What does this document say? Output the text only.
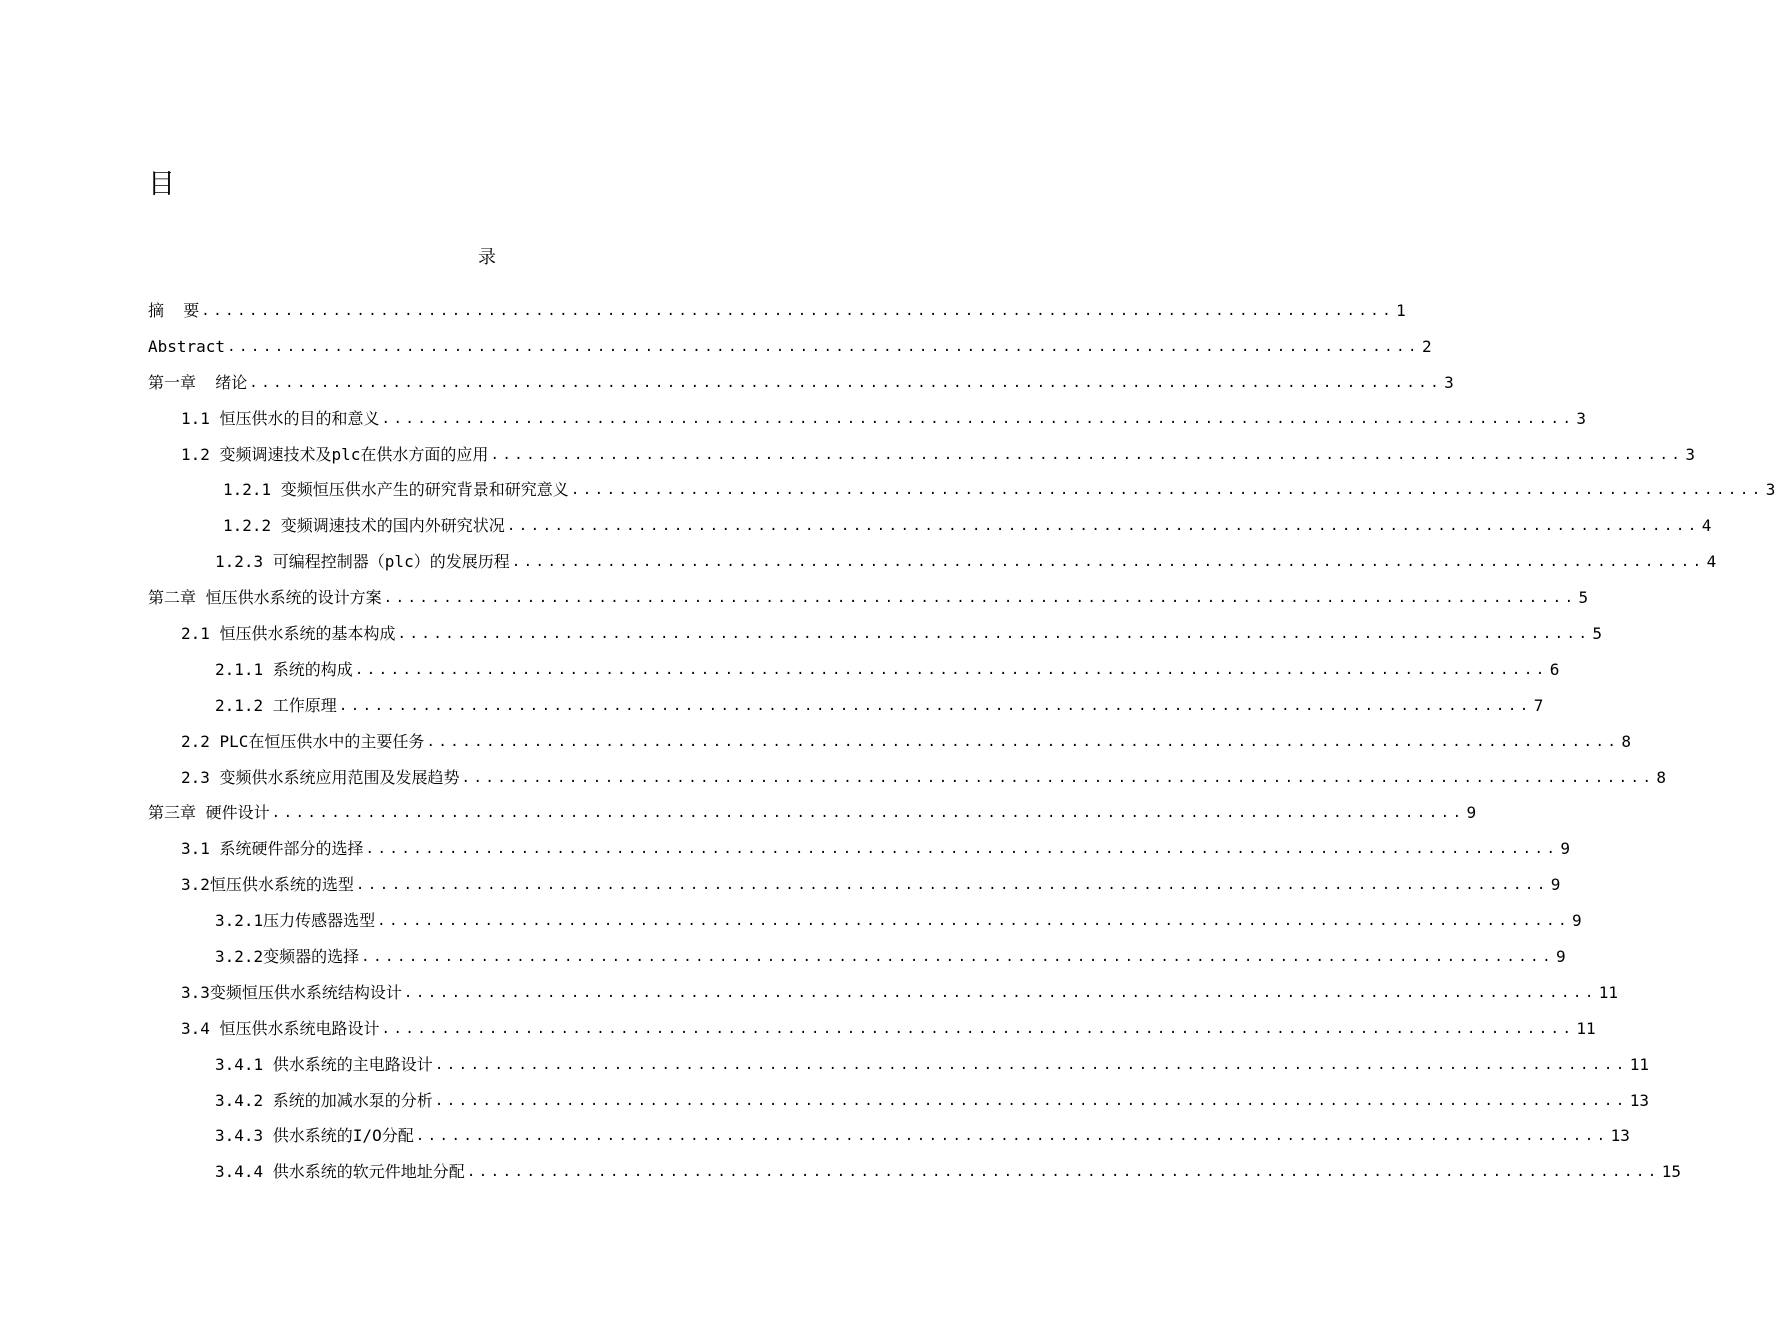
目
录
摘  要 .................................................................................................... 1
Abstract .................................................................................................... 2
第一章  绪论 .................................................................................................... 3
1.1 恒压供水的目的和意义 .................................................................................................... 3
1.2 变频调速技术及plc在供水方面的应用 .................................................................................................... 3
1.2.1 变频恒压供水产生的研究背景和研究意义 .................................................................................................... 3
1.2.2 变频调速技术的国内外研究状况 .................................................................................................... 4
1.2.3 可编程控制器（plc）的发展历程 .................................................................................................... 4
第二章 恒压供水系统的设计方案 .................................................................................................... 5
2.1 恒压供水系统的基本构成 .................................................................................................... 5
2.1.1 系统的构成 .................................................................................................... 6
2.1.2 工作原理 .................................................................................................... 7
2.2 PLC在恒压供水中的主要任务 .................................................................................................... 8
2.3 变频供水系统应用范围及发展趋势 .................................................................................................... 8
第三章 硬件设计 .................................................................................................... 9
3.1 系统硬件部分的选择 .................................................................................................... 9
3.2恒压供水系统的选型 .................................................................................................... 9
3.2.1压力传感器选型 .................................................................................................... 9
3.2.2变频器的选择 .................................................................................................... 9
3.3变频恒压供水系统结构设计 .................................................................................................... 11
3.4 恒压供水系统电路设计 .................................................................................................... 11
3.4.1 供水系统的主电路设计 .................................................................................................... 11
3.4.2 系统的加减水泵的分析 .................................................................................................... 13
3.4.3 供水系统的I/O分配 .................................................................................................... 13
3.4.4 供水系统的软元件地址分配 .................................................................................................... 15
